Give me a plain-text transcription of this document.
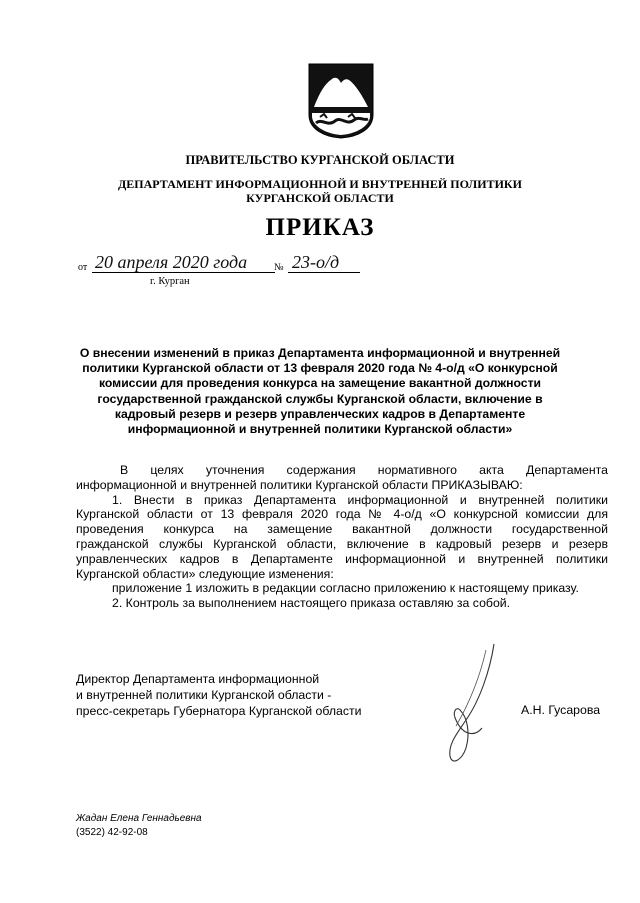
ПРАВИТЕЛЬСТВО КУРГАНСКОЙ ОБЛАСТИ
ДЕПАРТАМЕНТ ИНФОРМАЦИОННОЙ И ВНУТРЕННЕЙ ПОЛИТИКИ
КУРГАНСКОЙ ОБЛАСТИ
ПРИКАЗ
от 20 апреля 2020 года	№ 23-о/д
г. Курган
О внесении изменений в приказ Департамента информационной и внутренней политики Курганской области от 13 февраля 2020 года № 4-о/д «О конкурсной комиссии для проведения конкурса на замещение вакантной должности государственной гражданской службы Курганской области, включение в кадровый резерв и резерв управленческих кадров в Департаменте информационной и внутренней политики Курганской области»

В целях уточнения содержания нормативного акта Департамента

информационной и внутренней политики Курганской области ПРИКАЗЫВАЮ:

1. Внести в приказ Департамента информационной и внутренней политики

Курганской области от 13 февраля 2020 года № 4-о/д «О конкурсной комиссии для

проведения конкурса на замещение вакантной должности государственной

гражданской службы Курганской области, включение в кадровый резерв и резерв

управленческих кадров в Департаменте информационной и внутренней политики

Курганской области» следующие изменения:

приложение 1 изложить в редакции согласно приложению к настоящему приказу.

2. Контроль за выполнением настоящего приказа оставляю за собой.

Директор Департамента информационной
и внутренней политики Курганской области -
пресс-секретарь Губернатора Курганской области	А.Н. Гусарова
Жадан Елена Геннадьевна
(3522) 42-92-08
